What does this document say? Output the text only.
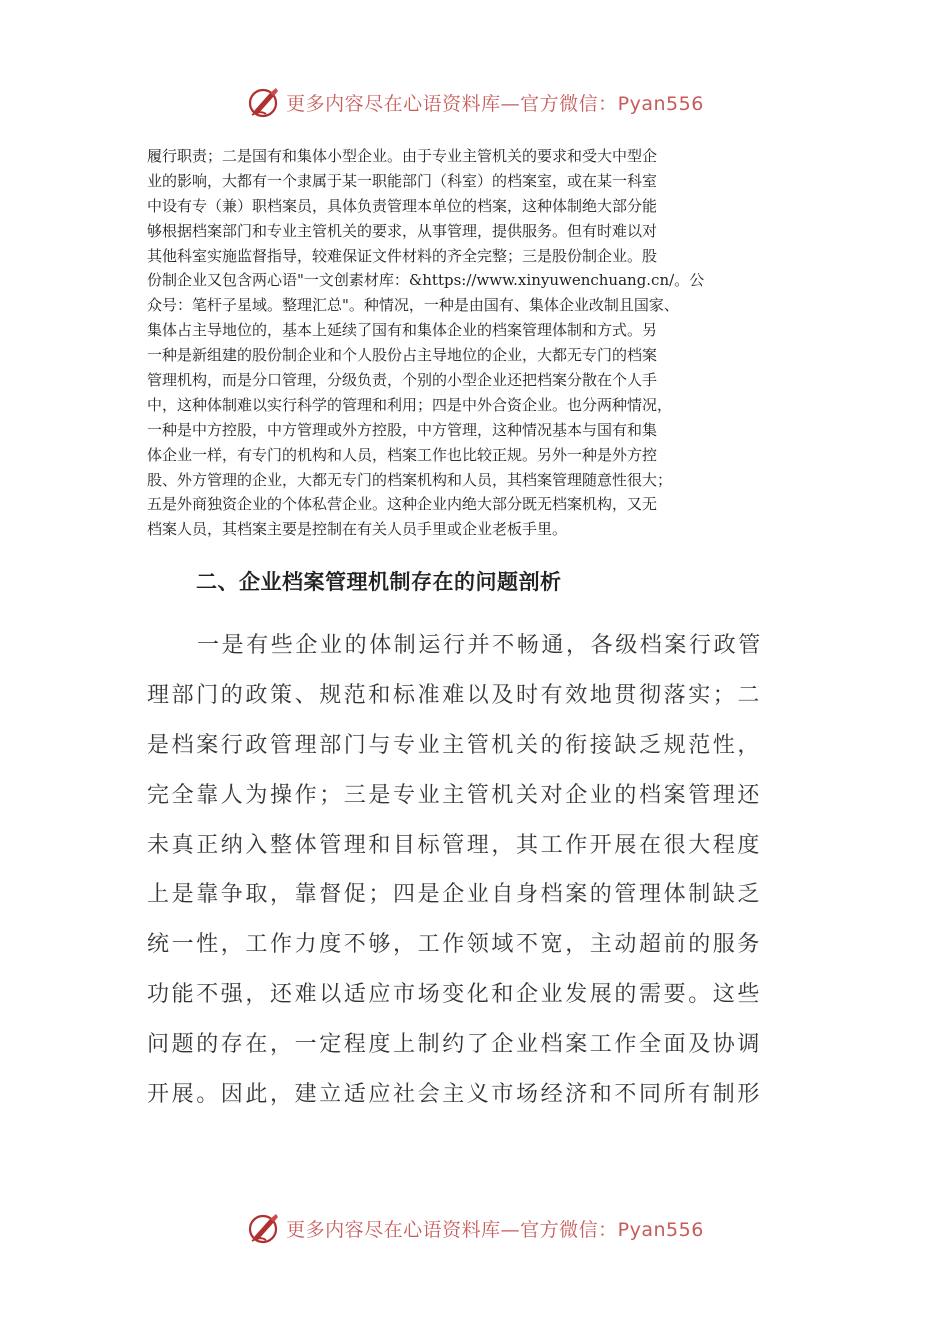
更多内容尽在心语资料库—官方微信：Pyan556
履行职责；二是国有和集体小型企业。由于专业主管机关的要求和受大中型企
业的影响，大都有一个隶属于某一职能部门（科室）的档案室，或在某一科室
中设有专（兼）职档案员，具体负责管理本单位的档案，这种体制绝大部分能
够根据档案部门和专业主管机关的要求，从事管理，提供服务。但有时难以对
其他科室实施监督指导，较难保证文件材料的齐全完整；三是股份制企业。股
份制企业又包含两心语"一文创素材库：&https://www.xinyuwenchuang.cn/。公
众号：笔杆子星域。整理汇总"。种情况，一种是由国有、集体企业改制且国家、
集体占主导地位的，基本上延续了国有和集体企业的档案管理体制和方式。另
一种是新组建的股份制企业和个人股份占主导地位的企业，大都无专门的档案
管理机构，而是分口管理，分级负责，个别的小型企业还把档案分散在个人手
中，这种体制难以实行科学的管理和利用；四是中外合资企业。也分两种情况，
一种是中方控股，中方管理或外方控股，中方管理，这种情况基本与国有和集
体企业一样，有专门的机构和人员，档案工作也比较正规。另外一种是外方控
股、外方管理的企业，大都无专门的档案机构和人员，其档案管理随意性很大；
五是外商独资企业的个体私营企业。这种企业内绝大部分既无档案机构，又无
档案人员，其档案主要是控制在有关人员手里或企业老板手里。
二、企业档案管理机制存在的问题剖析
一是有些企业的体制运行并不畅通，各级档案行政管
理部门的政策、规范和标准难以及时有效地贯彻落实；二
是档案行政管理部门与专业主管机关的衔接缺乏规范性，
完全靠人为操作；三是专业主管机关对企业的档案管理还
未真正纳入整体管理和目标管理，其工作开展在很大程度
上是靠争取，靠督促；四是企业自身档案的管理体制缺乏
统一性，工作力度不够，工作领域不宽，主动超前的服务
功能不强，还难以适应市场变化和企业发展的需要。这些
问题的存在，一定程度上制约了企业档案工作全面及协调
开展。因此，建立适应社会主义市场经济和不同所有制形
更多内容尽在心语资料库—官方微信：Pyan556
